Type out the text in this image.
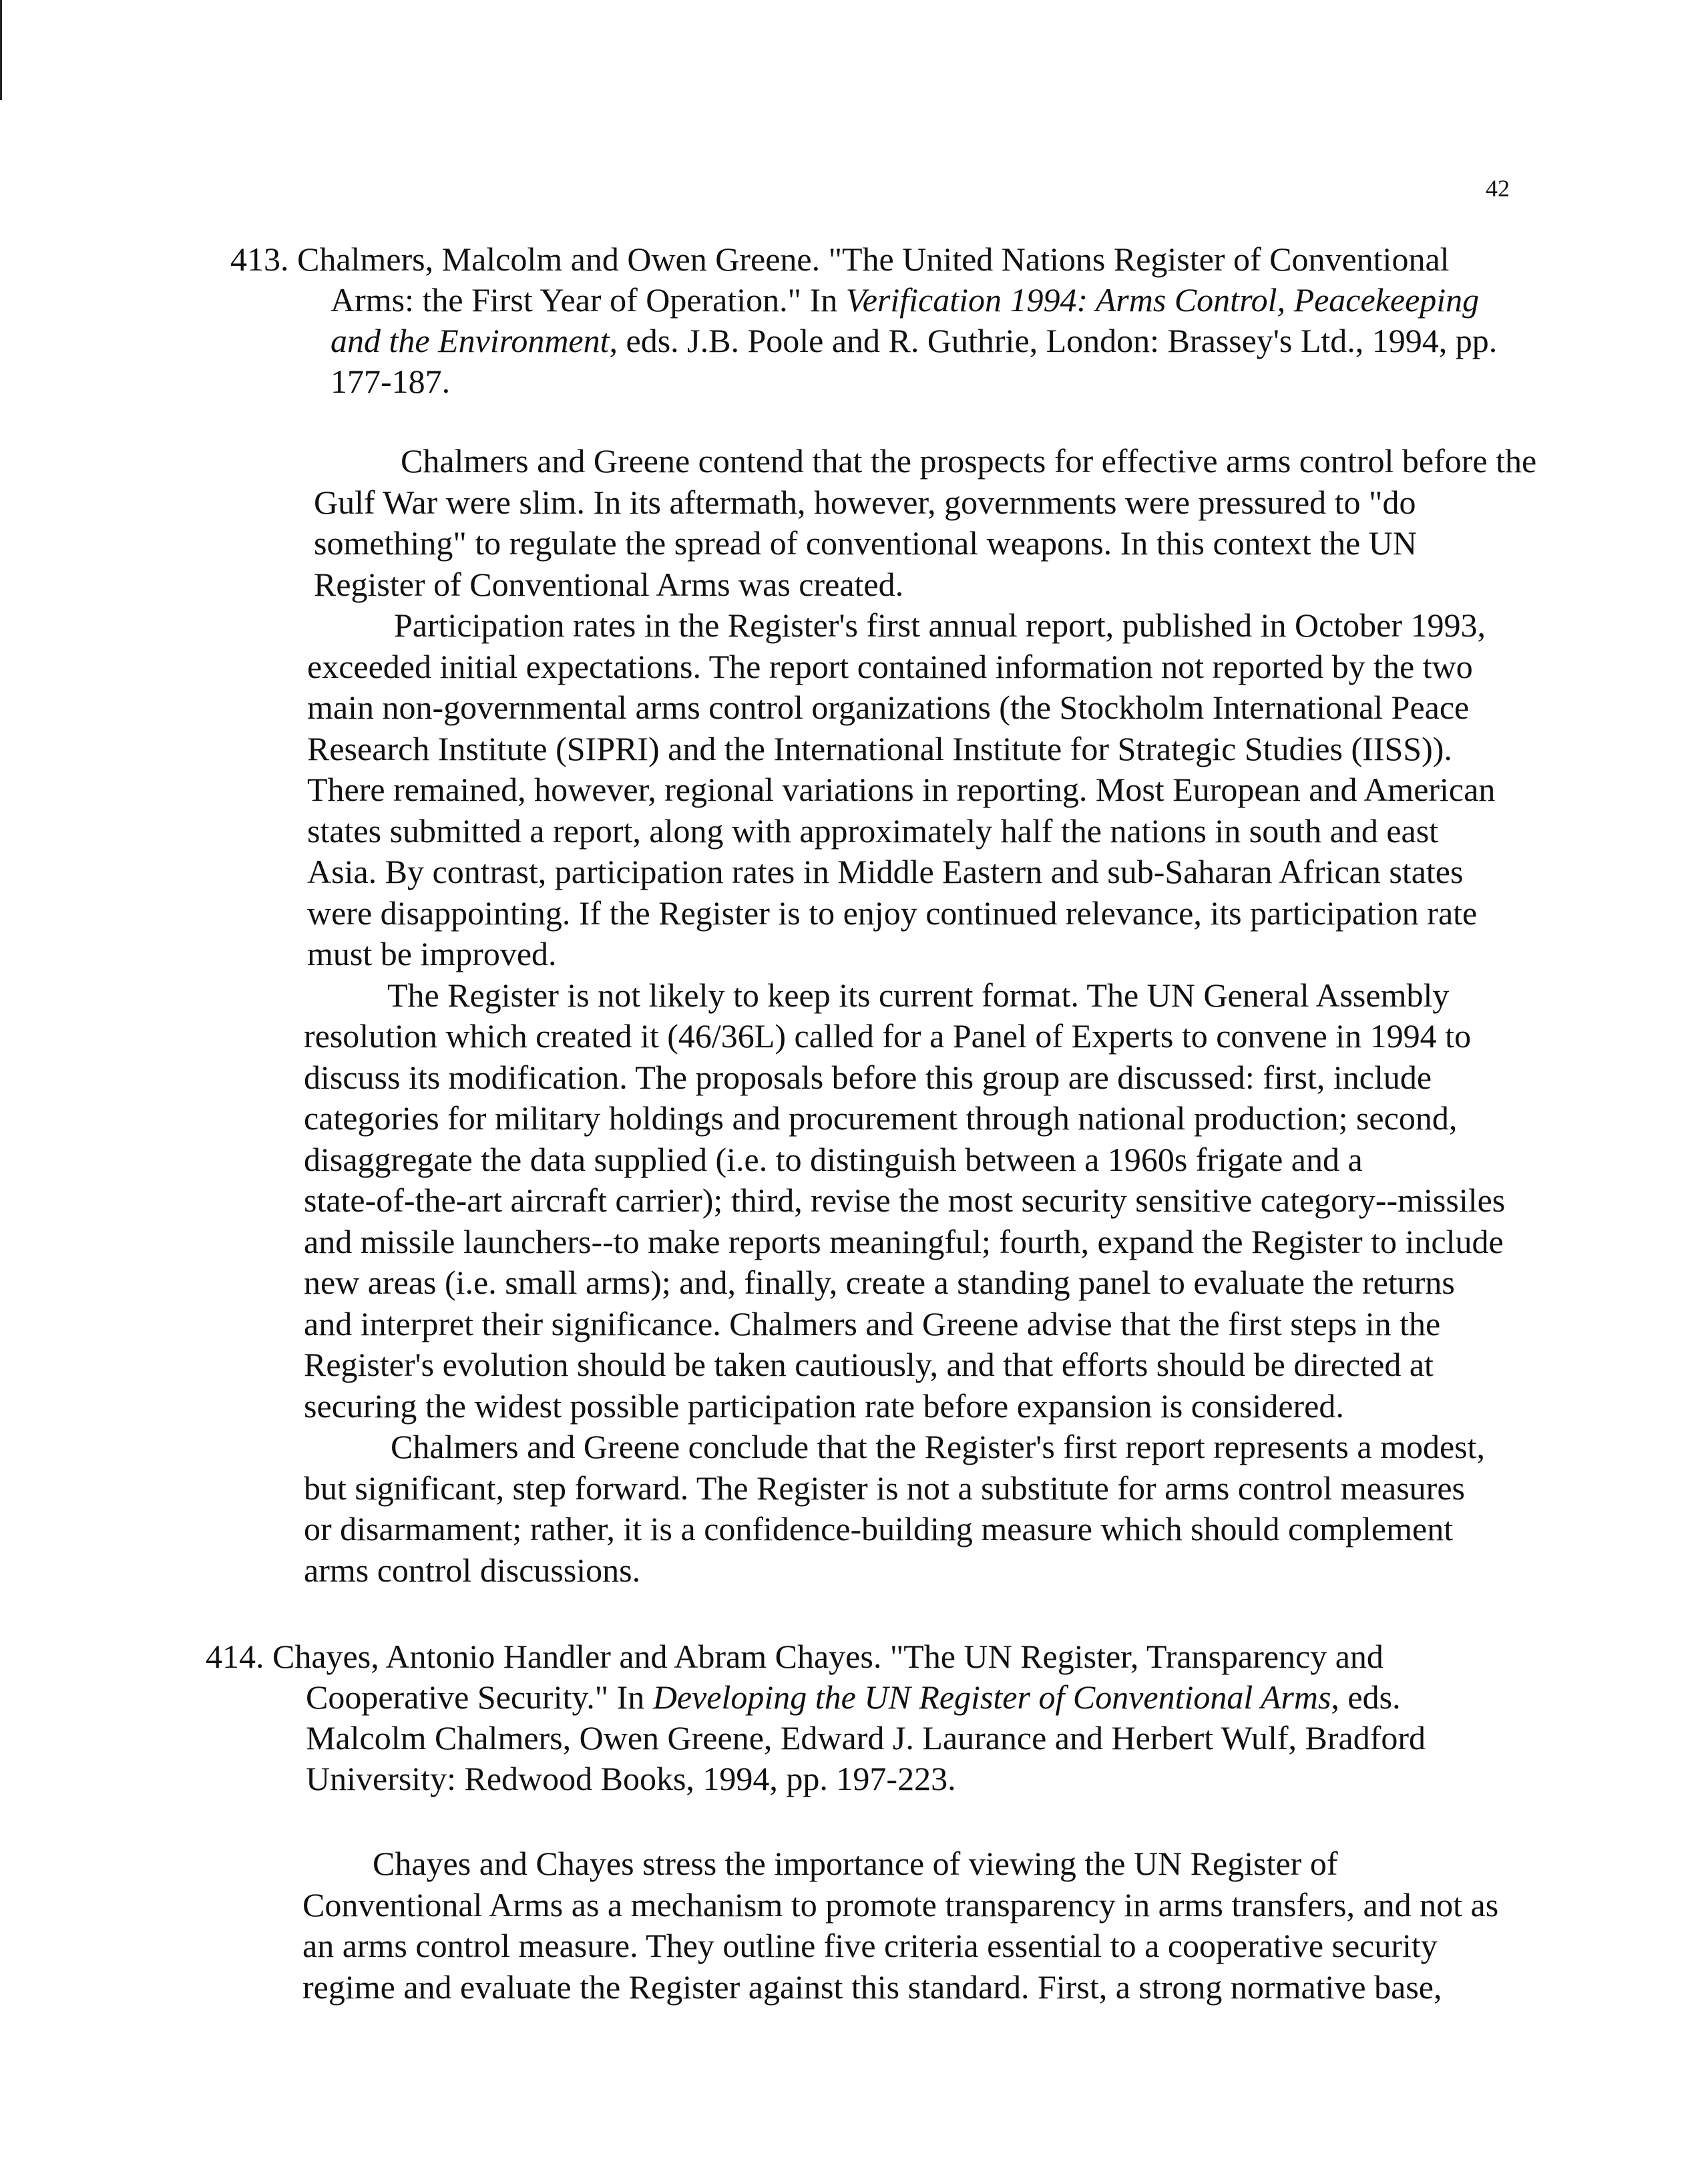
42
413. Chalmers, Malcolm and Owen Greene. "The United Nations Register of Conventional
Arms: the First Year of Operation." In Verification 1994: Arms Control, Peacekeeping
and the Environment, eds. J.B. Poole and R. Guthrie, London: Brassey's Ltd., 1994, pp.
177-187.
Chalmers and Greene contend that the prospects for effective arms control before the
Gulf War were slim. In its aftermath, however, governments were pressured to "do
something" to regulate the spread of conventional weapons. In this context the UN
Register of Conventional Arms was created.
Participation rates in the Register's first annual report, published in October 1993,
exceeded initial expectations. The report contained information not reported by the two
main non-governmental arms control organizations (the Stockholm International Peace
Research Institute (SIPRI) and the International Institute for Strategic Studies (IISS)).
There remained, however, regional variations in reporting. Most European and American
states submitted a report, along with approximately half the nations in south and east
Asia. By contrast, participation rates in Middle Eastern and sub-Saharan African states
were disappointing. If the Register is to enjoy continued relevance, its participation rate
must be improved.
The Register is not likely to keep its current format. The UN General Assembly
resolution which created it (46/36L) called for a Panel of Experts to convene in 1994 to
discuss its modification. The proposals before this group are discussed: first, include
categories for military holdings and procurement through national production; second,
disaggregate the data supplied (i.e. to distinguish between a 1960s frigate and a
state-of-the-art aircraft carrier); third, revise the most security sensitive category--missiles
and missile launchers--to make reports meaningful; fourth, expand the Register to include
new areas (i.e. small arms); and, finally, create a standing panel to evaluate the returns
and interpret their significance. Chalmers and Greene advise that the first steps in the
Register's evolution should be taken cautiously, and that efforts should be directed at
securing the widest possible participation rate before expansion is considered.
Chalmers and Greene conclude that the Register's first report represents a modest,
but significant, step forward. The Register is not a substitute for arms control measures
or disarmament; rather, it is a confidence-building measure which should complement
arms control discussions.
414. Chayes, Antonio Handler and Abram Chayes. "The UN Register, Transparency and
Cooperative Security." In Developing the UN Register of Conventional Arms, eds.
Malcolm Chalmers, Owen Greene, Edward J. Laurance and Herbert Wulf, Bradford
University: Redwood Books, 1994, pp. 197-223.
Chayes and Chayes stress the importance of viewing the UN Register of
Conventional Arms as a mechanism to promote transparency in arms transfers, and not as
an arms control measure. They outline five criteria essential to a cooperative security
regime and evaluate the Register against this standard. First, a strong normative base,
